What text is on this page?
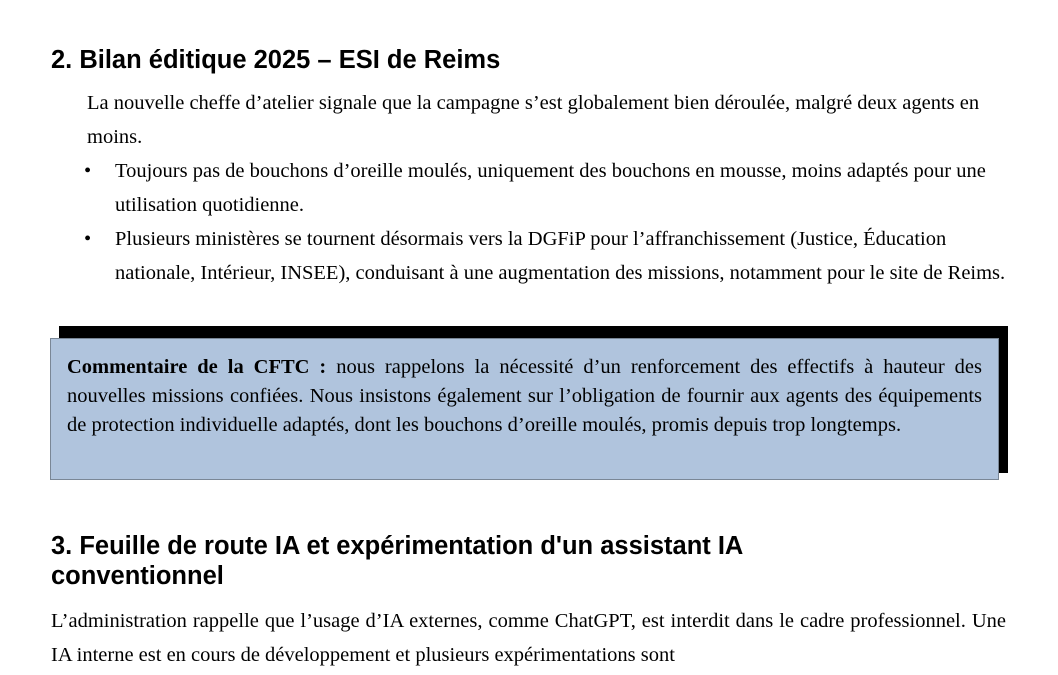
2. Bilan éditique 2025 – ESI de Reims

La nouvelle cheffe d’atelier signale que la campagne s’est globalement bien déroulée, malgré deux agents en moins.

• Toujours pas de bouchons d’oreille moulés, uniquement des bouchons en mousse, moins adaptés pour une utilisation quotidienne.
• Plusieurs ministères se tournent désormais vers la DGFiP pour l’affranchissement (Justice, Éducation nationale, Intérieur, INSEE), conduisant à une augmentation des missions, notamment pour le site de Reims.

Commentaire de la CFTC : nous rappelons la nécessité d’un renforcement des effectifs à hauteur des nouvelles missions confiées. Nous insistons également sur l’obligation de fournir aux agents des équipements de protection individuelle adaptés, dont les bouchons d’oreille moulés, promis depuis trop longtemps.

3. Feuille de route IA et expérimentation d'un assistant IA
conventionnel

L’administration rappelle que l’usage d’IA externes, comme ChatGPT, est interdit dans le cadre professionnel. Une IA interne est en cours de développement et plusieurs expérimentations sont
